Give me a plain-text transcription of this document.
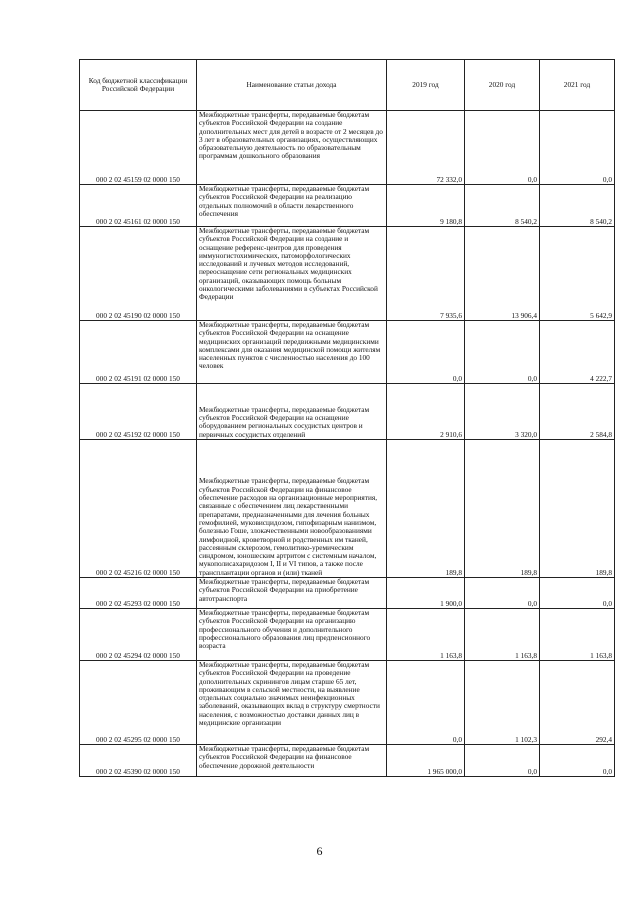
Код бюджетной классификации Российской Федерации	Наименование статьи дохода	2019 год	2020 год	2021 год
000 2 02 45159 02 0000 150	Межбюджетные трансферты, передаваемые бюджетам субъектов Российской Федерации на создание дополнительных мест для детей в возрасте от 2 месяцев до 3 лет в образовательных организациях, осуществляющих образовательную деятельность по образовательным программам дошкольного образования	72 332,0	0,0	0,0
000 2 02 45161 02 0000 150	Межбюджетные трансферты, передаваемые бюджетам субъектов Российской Федерации на реализацию отдельных полномочий в области лекарственного обеспечения	9 180,8	8 540,2	8 540,2
000 2 02 45190 02 0000 150	Межбюджетные трансферты, передаваемые бюджетам субъектов Российской Федерации на создание и оснащение референс-центров для проведения иммуногистохимических, патоморфологических исследований и лучевых методов исследований, переоснащение сети региональных медицинских организаций, оказывающих помощь больным онкологическими заболеваниями в субъектах Российской Федерации	7 935,6	13 906,4	5 642,9
000 2 02 45191 02 0000 150	Межбюджетные трансферты, передаваемые бюджетам субъектов Российской Федерации на оснащение медицинских организаций передвижными медицинскими комплексами для оказания медицинской помощи жителям населенных пунктов с численностью населения до 100 человек	0,0	0,0	4 222,7
000 2 02 45192 02 0000 150	Межбюджетные трансферты, передаваемые бюджетам субъектов Российской Федерации на оснащение оборудованием региональных сосудистых центров и первичных сосудистых отделений	2 910,6	3 320,0	2 584,8
000 2 02 45216 02 0000 150	Межбюджетные трансферты, передаваемые бюджетам субъектов Российской Федерации на финансовое обеспечение расходов на организационные мероприятия, связанные с обеспечением лиц лекарственными препаратами, предназначенными для лечения больных гемофилией, муковисцидозом, гипофизарным нанизмом, болезнью Гоше, злокачественными новообразованиями лимфоидной, кроветворной и родственных им тканей, рассеянным склерозом, гемолитико-уремическим синдромом, юношеским артритом с системным началом, мукополисахаридозом I, II и VI типов, а также после трансплантации органов и (или) тканей	189,8	189,8	189,8
000 2 02 45293 02 0000 150	Межбюджетные трансферты, передаваемые бюджетам субъектов Российской Федерации на приобретение автотранспорта	1 900,0	0,0	0,0
000 2 02 45294 02 0000 150	Межбюджетные трансферты, передаваемые бюджетам субъектов Российской Федерации на организацию профессионального обучения и дополнительного профессионального образования лиц предпенсионного возраста	1 163,8	1 163,8	1 163,8
000 2 02 45295 02 0000 150	Межбюджетные трансферты, передаваемые бюджетам субъектов Российской Федерации на проведение дополнительных скринингов лицам старше 65 лет, проживающим в сельской местности, на выявление отдельных социально значимых неинфекционных заболеваний, оказывающих вклад в структуру смертности населения, с возможностью доставки данных лиц в медицинские организации	0,0	1 102,3	292,4
000 2 02 45390 02 0000 150	Межбюджетные трансферты, передаваемые бюджетам субъектов Российской Федерации на финансовое обеспечение дорожной деятельности	1 965 000,0	0,0	0,0
6
